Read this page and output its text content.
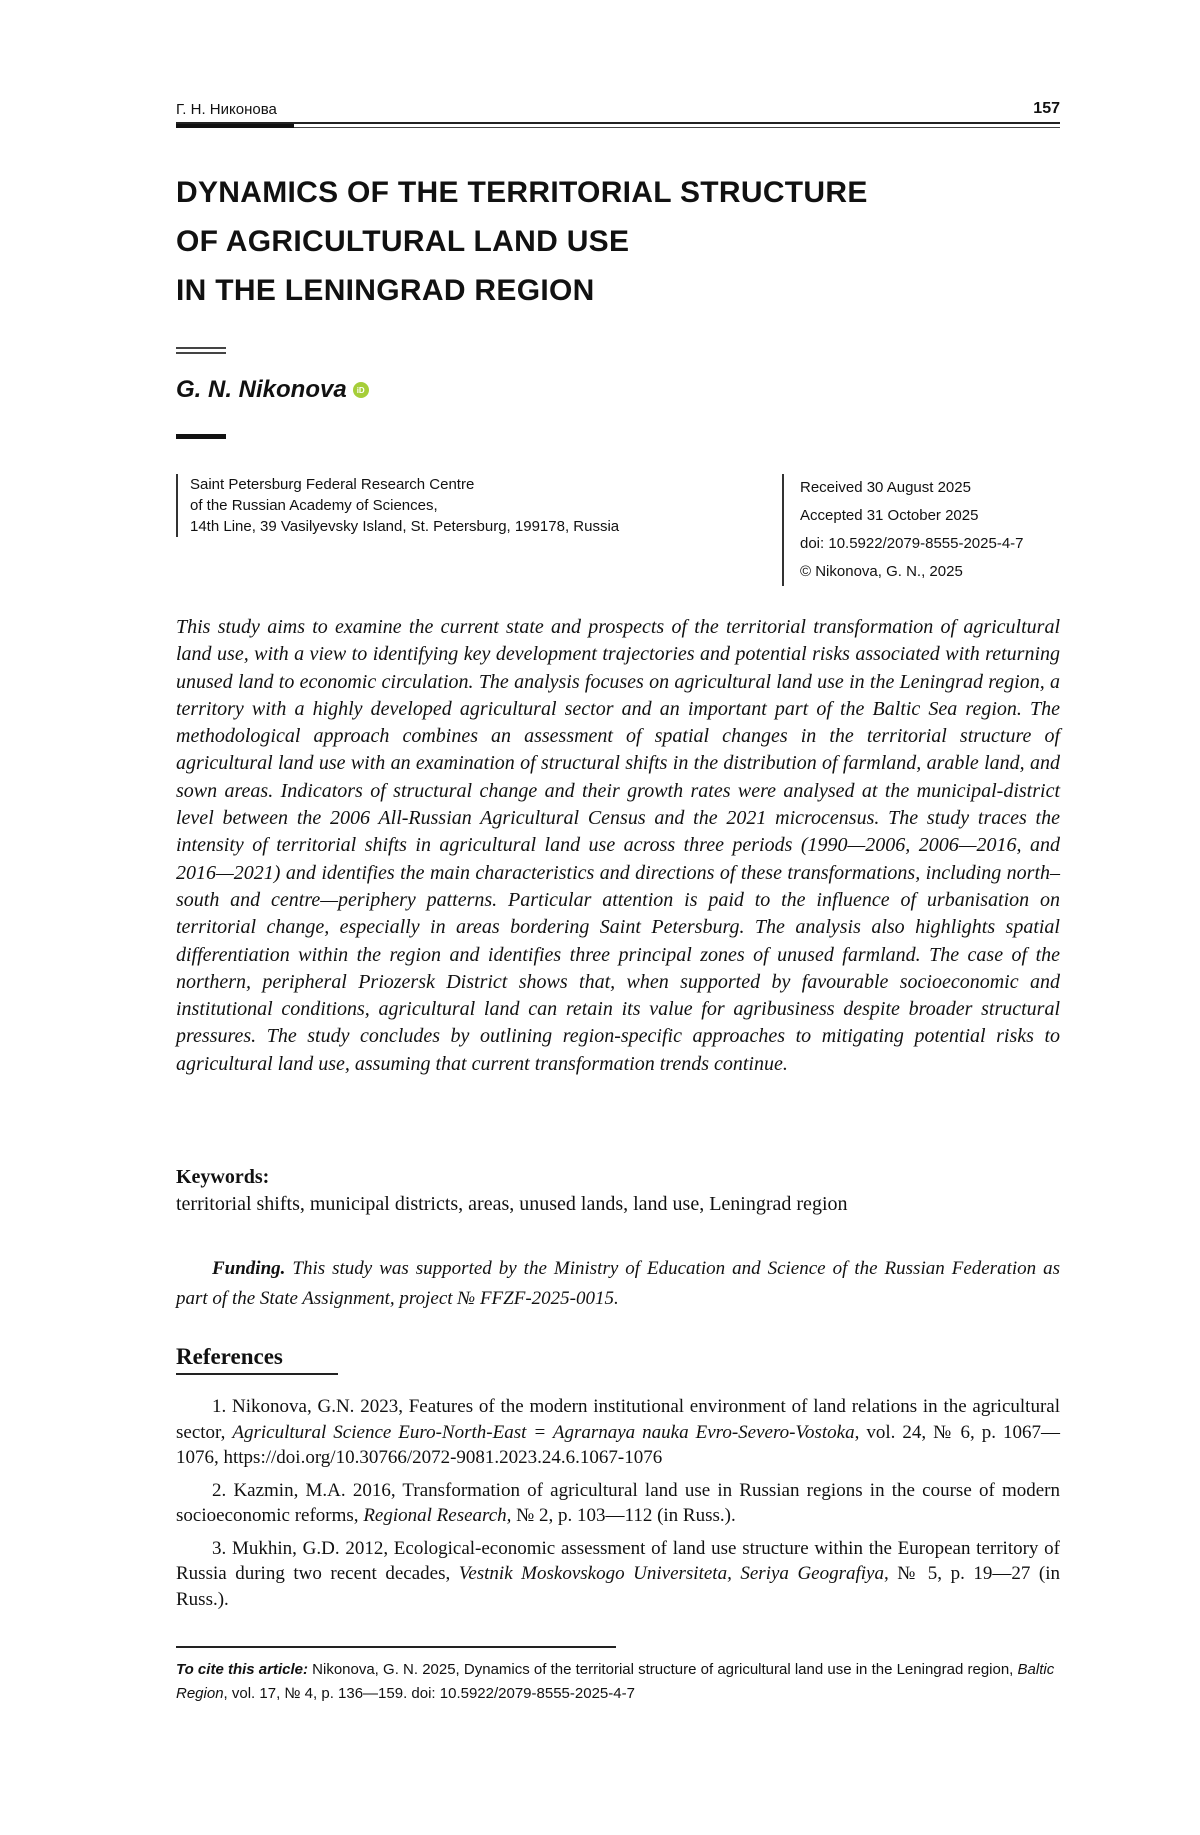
Г. Н. Никонова	157
DYNAMICS OF THE TERRITORIAL STRUCTURE
OF AGRICULTURAL LAND USE
IN THE LENINGRAD REGION
G. N. Nikonova	iD
Saint Petersburg Federal Research Centre
of the Russian Academy of Sciences,
14th Line, 39 Vasilyevsky Island, St. Petersburg, 199178, Russia
Received 30 August 2025
Accepted 31 October 2025
doi: 10.5922/2079-8555-2025-4-7
© Nikonova, G. N., 2025

This study aims to examine the current state and prospects of the territorial transformation of agricultural land use, with a view to identifying key development trajectories and potential risks associated with returning unused land to economic circulation. The analysis focuses on agricultural land use in the Leningrad region, a territory with a highly developed agricultural sector and an important part of the Baltic Sea region. The methodological approach combines an assessment of spatial changes in the territorial structure of agricultural land use with an examination of structural shifts in the distribution of farmland, arable land, and sown areas. Indicators of structural change and their growth rates were analysed at the municipal-district level between the 2006 All-Russian Agricultural Census and the 2021 microcensus. The study traces the intensity of territorial shifts in agricultural land use across three periods (1990—2006, 2006—2016, and 2016—2021) and identifies the main characteristics and directions of these transformations, including north–south and centre—periphery patterns. Particular attention is paid to the influence of urbanisation on territorial change, especially in areas bordering Saint Petersburg. The analysis also highlights spatial differentiation within the region and identifies three principal zones of unused farmland. The case of the northern, peripheral Priozersk District shows that, when supported by favourable socioeconomic and institutional conditions, agricultural land can retain its value for agribusiness despite broader structural pressures. The study concludes by outlining region-specific approaches to mitigating potential risks to agricultural land use, assuming that current transformation trends continue.

Keywords:
territorial shifts, municipal districts, areas, unused lands, land use, Leningrad region

Funding. This study was supported by the Ministry of Education and Science of the Russian Federation as part of the State Assignment, project № FFZF-2025-0015.

References

1. Nikonova, G.N. 2023, Features of the modern institutional environment of land relations in the agricultural sector, Agricultural Science Euro-North-East = Agrarnaya nauka Evro-Severo-Vostoka, vol. 24, № 6, p. 1067—1076, https://doi.org/10.30766/2072-9081.2023.24.6.1067-1076

2. Kazmin, M.A. 2016, Transformation of agricultural land use in Russian regions in the course of modern socioeconomic reforms, Regional Research, № 2, p. 103—112 (in Russ.).

3. Mukhin, G.D. 2012, Ecological-economic assessment of land use structure within the European territory of Russia during two recent decades, Vestnik Moskovskogo Universiteta, Seriya Geografiya, № 5, p. 19—27 (in Russ.).

To cite this article: Nikonova, G. N. 2025, Dynamics of the territorial structure of agricultural land use in the Leningrad region, Baltic Region, vol. 17, № 4, p. 136—159. doi: 10.5922/2079-8555-2025-4-7
